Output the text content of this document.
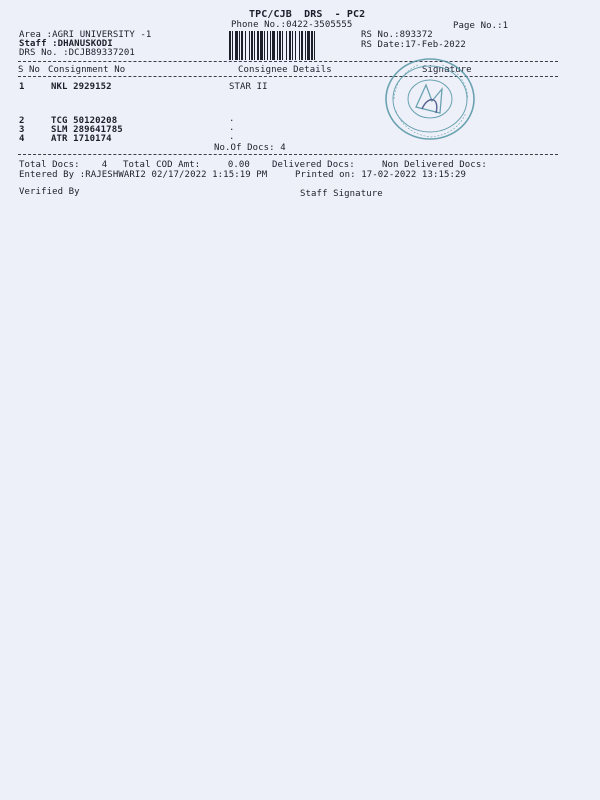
TPC/CJB  DRS  - PC2
Phone No.:0422-3505555	Page No.:1
Area :AGRI UNIVERSITY -1
Staff :DHANUSKODI
DRS No. :DCJB89337201
RS No.:893372
RS Date:17-Feb-2022
S No Consignment No	Consignee Details	Signature
1	NKL 2929152	STAR II
2	TCG 50120208	.
3	SLM 289641785	.
4	ATR 1710174	.
No.Of Docs: 4
Total Docs:    4 Total COD Amt:     0.00 Delivered Docs:	Non Delivered Docs:
Entered By :RAJESHWARI2 02/17/2022 1:15:19 PM	Printed on: 17-02-2022 13:15:29
Verified By	Staff Signature
